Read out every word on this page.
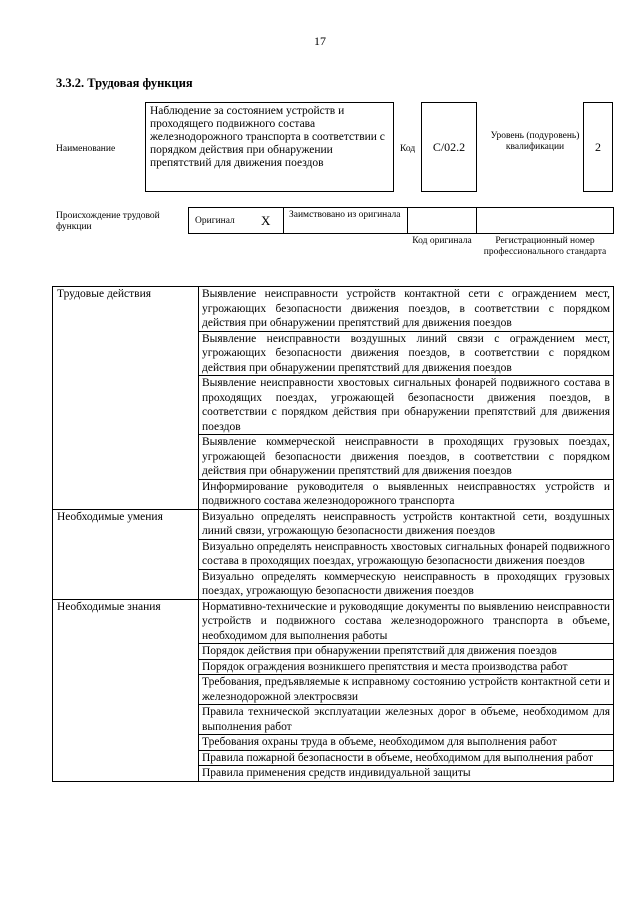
17
3.3.2. Трудовая функция
Наименование
Наблюдение за состоянием устройств и проходящего подвижного состава железнодорожного транспорта в соответствии с порядком действия при обнаружении препятствий для движения поездов
Код С/02.2
Уровень (подуровень) квалификации	2
Происхождение трудовой функции
Оригинал X Заимствовано из оригинала
Код оригинала	Регистрационный номер профессионального стандарта
Трудовые действия	Выявление неисправности устройств контактной сети с ограждением мест, угрожающих безопасности движения поездов, в соответствии с порядком действия при обнаружении препятствий для движения поездов
	Выявление неисправности воздушных линий связи с ограждением мест, угрожающих безопасности движения поездов, в соответствии с порядком действия при обнаружении препятствий для движения поездов
	Выявление неисправности хвостовых сигнальных фонарей подвижного состава в проходящих поездах, угрожающей безопасности движения поездов, в соответствии с порядком действия при обнаружении препятствий для движения поездов
	Выявление коммерческой неисправности в проходящих грузовых поездах, угрожающей безопасности движения поездов, в соответствии с порядком действия при обнаружении препятствий для движения поездов
	Информирование руководителя о выявленных неисправностях устройств и подвижного состава железнодорожного транспорта
Необходимые умения	Визуально определять неисправность устройств контактной сети, воздушных линий связи, угрожающую безопасности движения поездов
	Визуально определять неисправность хвостовых сигнальных фонарей подвижного состава в проходящих поездах, угрожающую безопасности движения поездов
	Визуально определять коммерческую неисправность в проходящих грузовых поездах, угрожающую безопасности движения поездов
Необходимые знания	Нормативно-технические и руководящие документы по выявлению неисправности устройств и подвижного состава железнодорожного транспорта в объеме, необходимом для выполнения работы
	Порядок действия при обнаружении препятствий для движения поездов
	Порядок ограждения возникшего препятствия и места производства работ
	Требования, предъявляемые к исправному состоянию устройств контактной сети и железнодорожной электросвязи
	Правила технической эксплуатации железных дорог в объеме, необходимом для выполнения работ
	Требования охраны труда в объеме, необходимом для выполнения работ
	Правила пожарной безопасности в объеме, необходимом для выполнения работ
	Правила применения средств индивидуальной защиты
